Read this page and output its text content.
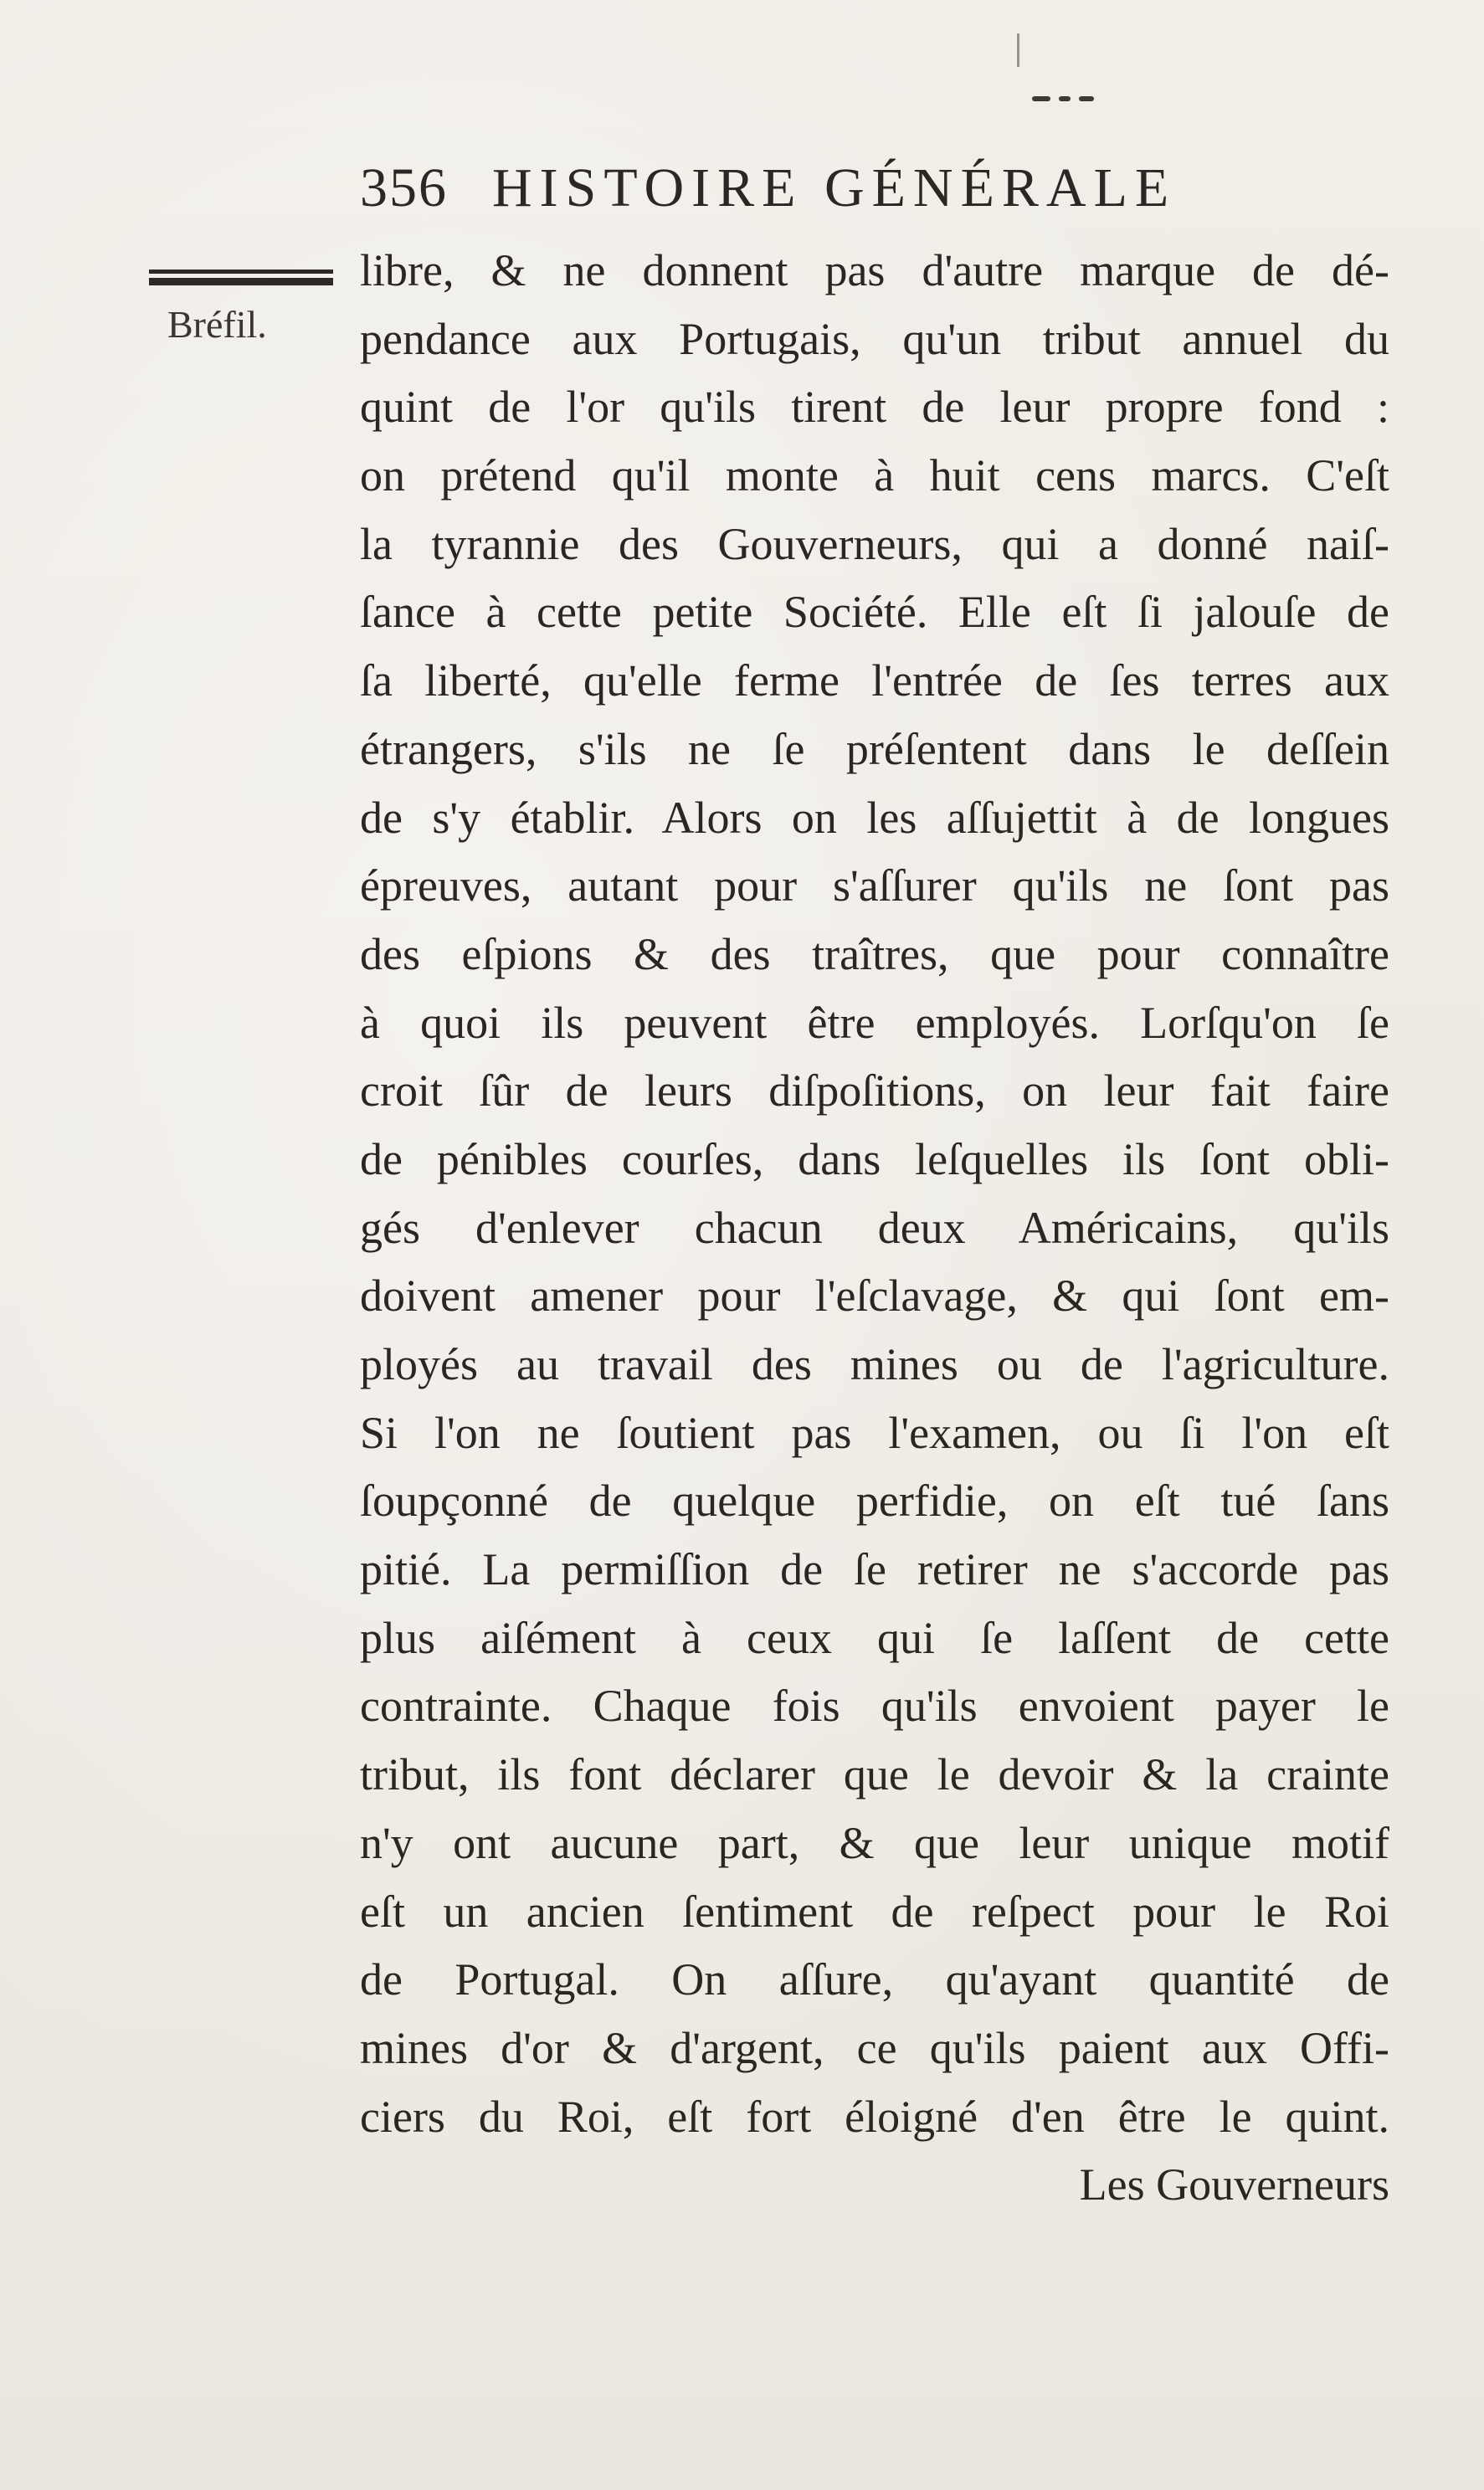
356 HISTOIRE GÉNÉRALE
Bréfil.
libre, & ne donnent pas d'autre marque de dé-
pendance aux Portugais, qu'un tribut annuel du
quint de l'or qu'ils tirent de leur propre fond :
on prétend qu'il monte à huit cens marcs. C'eſt
la tyrannie des Gouverneurs, qui a donné naiſ-
ſance à cette petite Société. Elle eſt ſi jalouſe de
ſa liberté, qu'elle ferme l'entrée de ſes terres aux
étrangers, s'ils ne ſe préſentent dans le deſſein
de s'y établir. Alors on les aſſujettit à de longues
épreuves, autant pour s'aſſurer qu'ils ne ſont pas
des eſpions & des traîtres, que pour connaître
à quoi ils peuvent être employés. Lorſqu'on ſe
croit ſûr de leurs diſpoſitions, on leur fait faire
de pénibles courſes, dans leſquelles ils ſont obli-
gés d'enlever chacun deux Américains, qu'ils
doivent amener pour l'eſclavage, & qui ſont em-
ployés au travail des mines ou de l'agriculture.
Si l'on ne ſoutient pas l'examen, ou ſi l'on eſt
ſoupçonné de quelque perfidie, on eſt tué ſans
pitié. La permiſſion de ſe retirer ne s'accorde pas
plus aiſément à ceux qui ſe laſſent de cette
contrainte. Chaque fois qu'ils envoient payer le
tribut, ils font déclarer que le devoir & la crainte
n'y ont aucune part, & que leur unique motif
eſt un ancien ſentiment de reſpect pour le Roi
de Portugal. On aſſure, qu'ayant quantité de
mines d'or & d'argent, ce qu'ils paient aux Offi-
ciers du Roi, eſt fort éloigné d'en être le quint.
Les Gouverneurs
